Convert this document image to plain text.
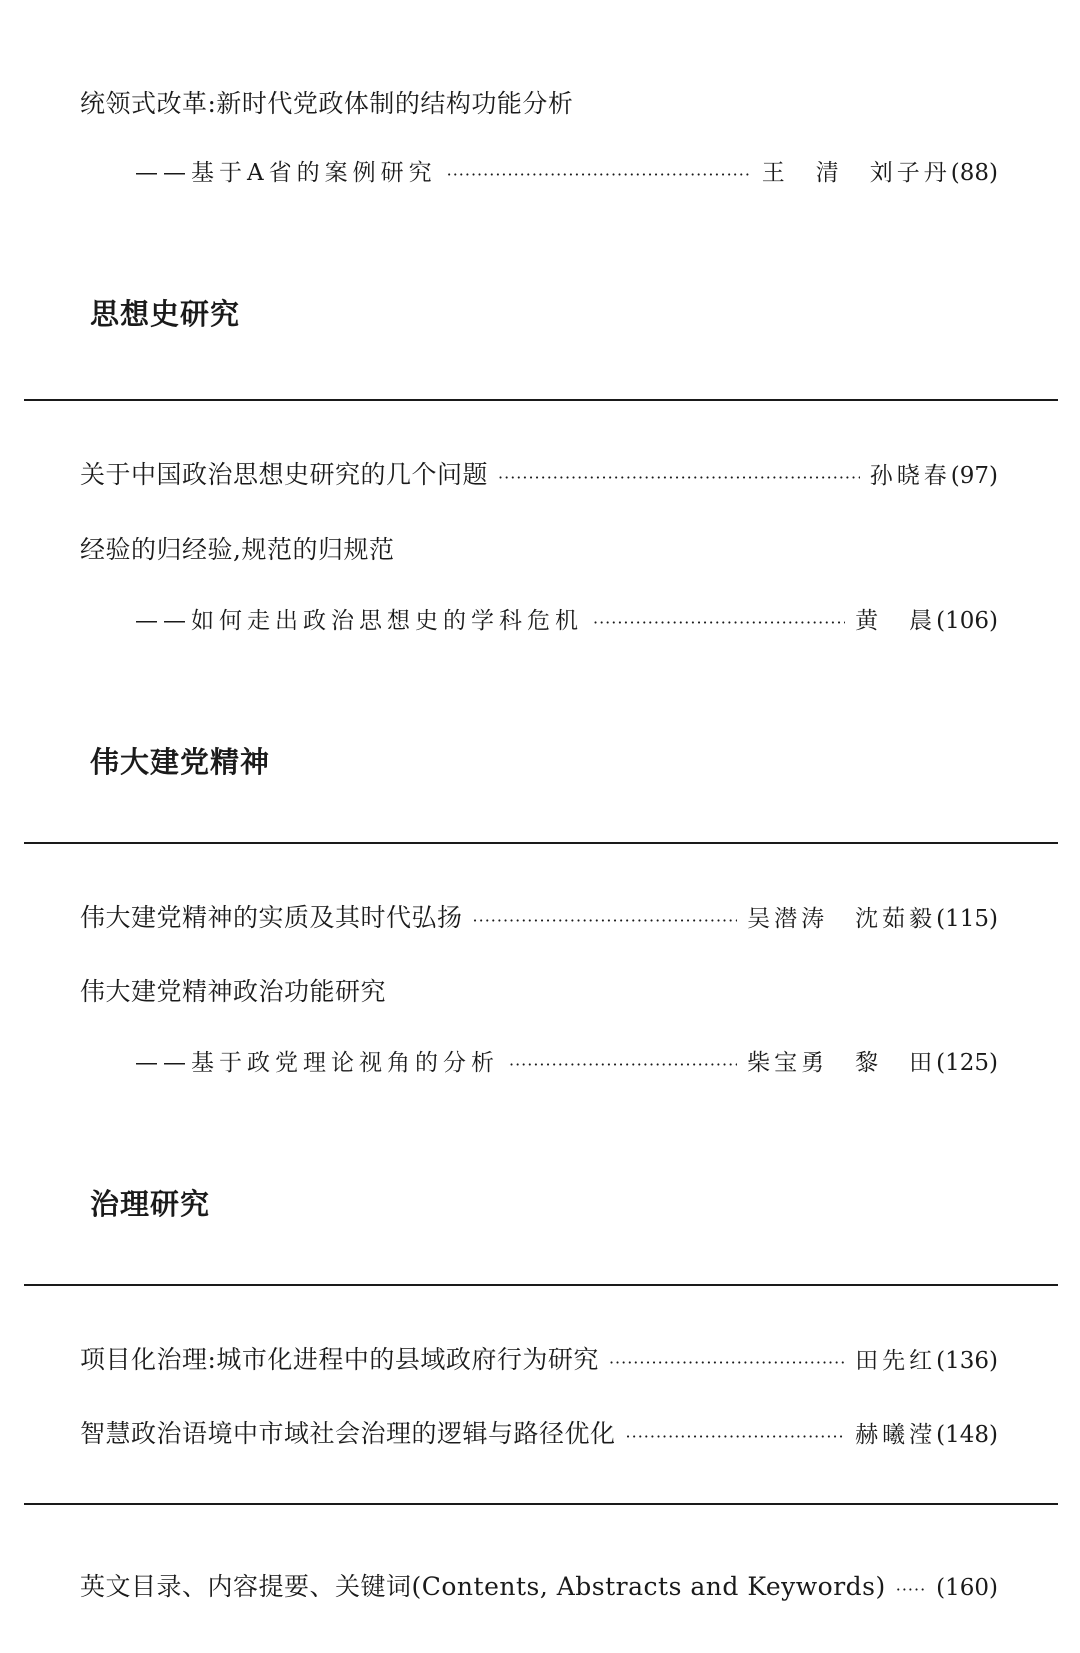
统领式改革:新时代党政体制的结构功能分析
——基于A省的案例研究 ·····	王　清　刘子丹 (88)
思想史研究
关于中国政治思想史研究的几个问题 ·····	孙晓春 (97)
经验的归经验,规范的归规范
——如何走出政治思想史的学科危机 ·····	黄　晨 (106)
伟大建党精神
伟大建党精神的实质及其时代弘扬 ·····	吴潜涛　沈茹毅 (115)
伟大建党精神政治功能研究
——基于政党理论视角的分析 ·····	柴宝勇　黎　田 (125)
治理研究
项目化治理:城市化进程中的县域政府行为研究 ·····	田先红 (136)
智慧政治语境中市域社会治理的逻辑与路径优化 ·····	赫曦滢 (148)
英文目录、内容提要、关键词(Contents, Abstracts and Keywords) ····· (160)
